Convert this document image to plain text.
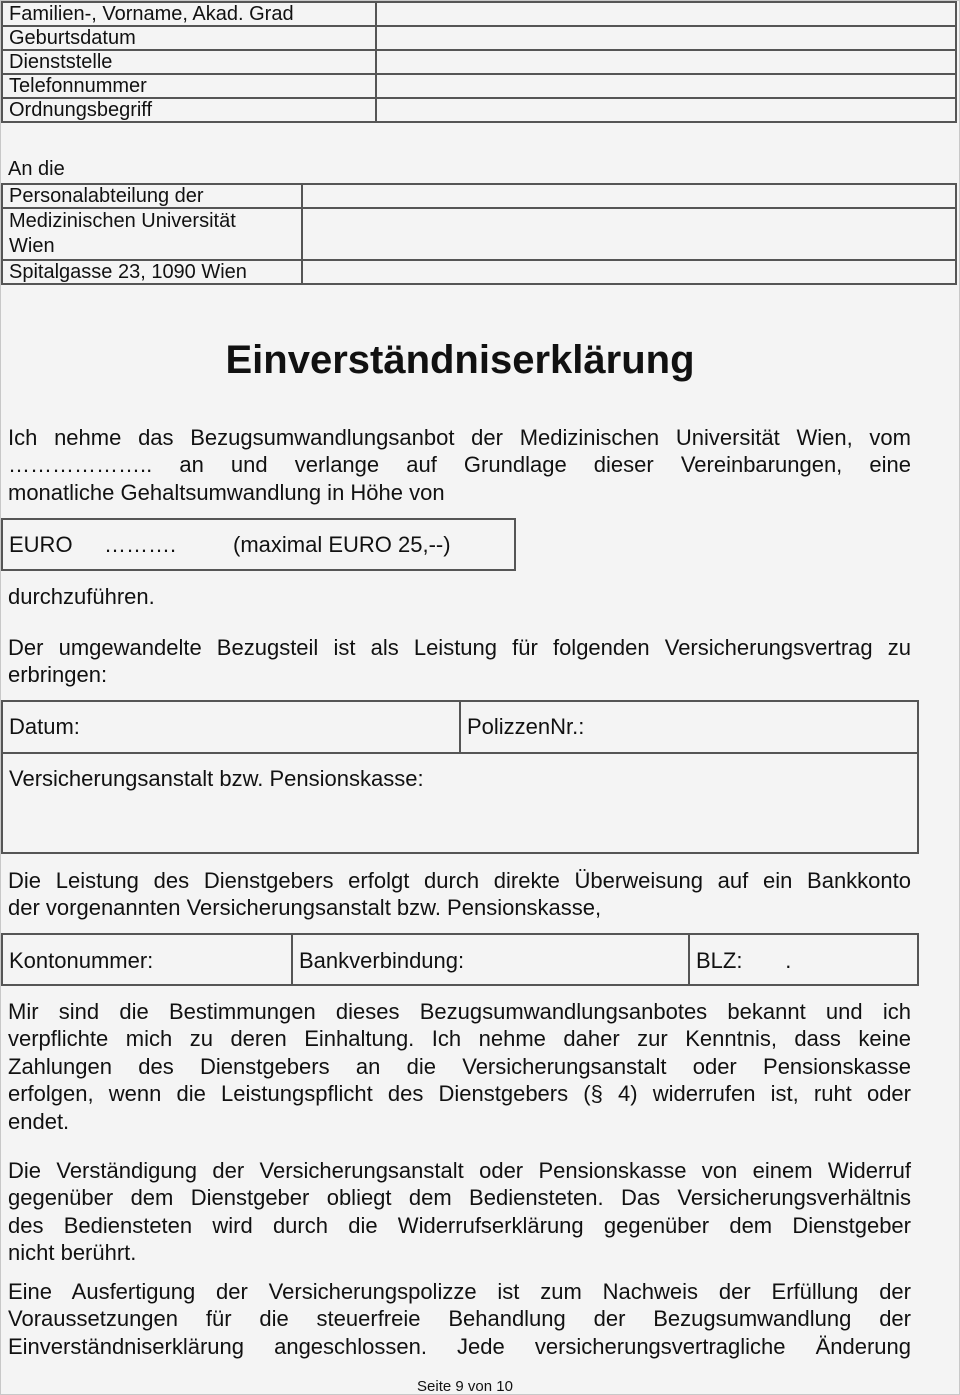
Familien-, Vorname, Akad. Grad	
Geburtsdatum	
Dienststelle	
Telefonnummer	
Ordnungsbegriff	
An die
Personalabteilung der	
Medizinischen Universität
Wien	
Spitalgasse 23, 1090 Wien	
Einverständniserklärung
Ich nehme das Bezugsumwandlungsanbot der Medizinischen Universität Wien, vom
……………….. an und verlange auf Grundlage dieser Vereinbarungen, eine
monatliche Gehaltsumwandlung in Höhe von
EURO ……….	(maximal EURO 25,--)
durchzuführen.
Der umgewandelte Bezugsteil ist als Leistung für folgenden Versicherungsvertrag zu
erbringen:
Datum:	PolizzenNr.:
Versicherungsanstalt bzw. Pensionskasse:
Die Leistung des Dienstgebers erfolgt durch direkte Überweisung auf ein Bankkonto
der vorgenannten Versicherungsanstalt bzw. Pensionskasse,
Kontonummer:	Bankverbindung:	BLZ:       .
Mir sind die Bestimmungen dieses Bezugsumwandlungsanbotes bekannt und ich
verpflichte mich zu deren Einhaltung. Ich nehme daher zur Kenntnis, dass keine
Zahlungen des Dienstgebers an die Versicherungsanstalt oder Pensionskasse
erfolgen, wenn die Leistungspflicht des Dienstgebers (§ 4) widerrufen ist, ruht oder
endet.
Die Verständigung der Versicherungsanstalt oder Pensionskasse von einem Widerruf
gegenüber dem Dienstgeber obliegt dem Bediensteten. Das Versicherungsverhältnis
des Bediensteten wird durch die Widerrufserklärung gegenüber dem Dienstgeber
nicht berührt.
Eine Ausfertigung der Versicherungspolizze ist zum Nachweis der Erfüllung der
Voraussetzungen für die steuerfreie Behandlung der Bezugsumwandlung der
Einverständniserklärung angeschlossen. Jede versicherungsvertragliche Änderung
Seite 9 von 10
